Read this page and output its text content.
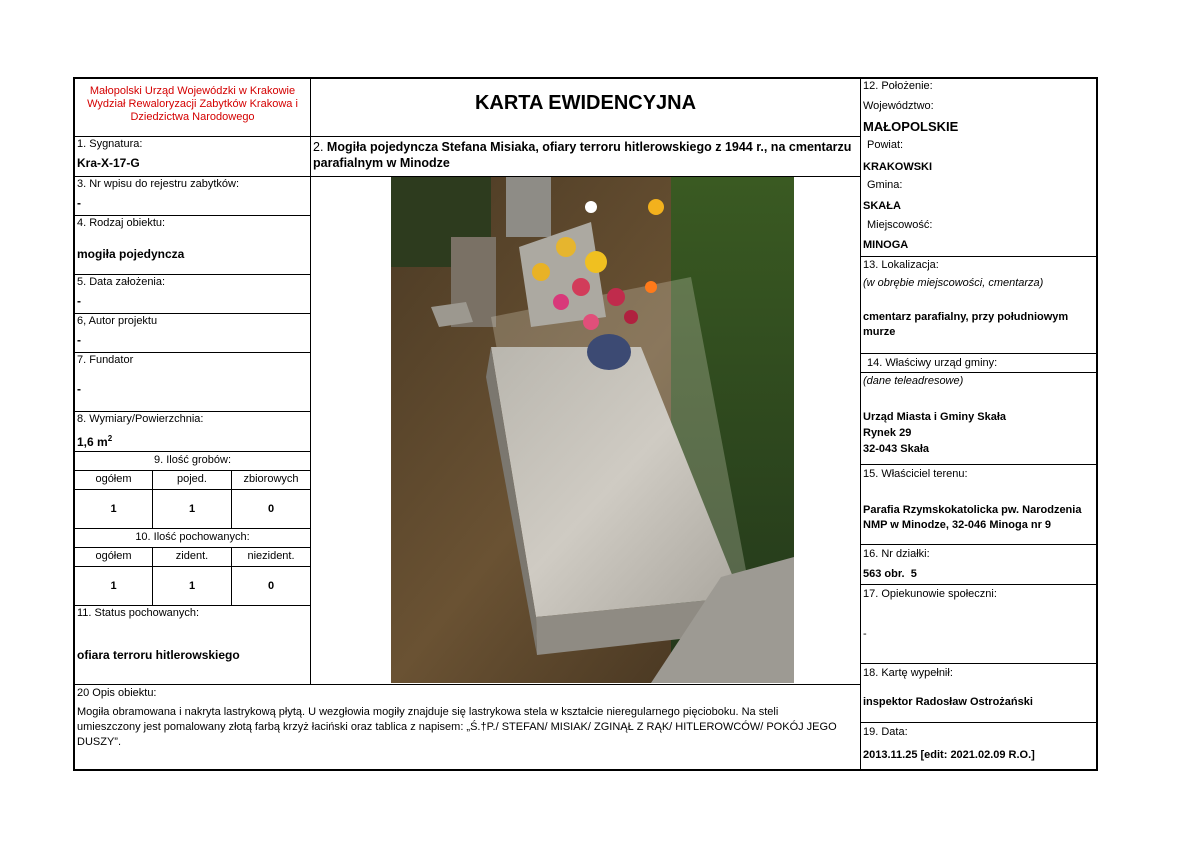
Małopolski Urząd Wojewódzki w Krakowie
Wydział Rewaloryzacji Zabytków Krakowa i
Dziedzictwa Narodowego
1. Sygnatura:
Kra-X-17-G
3. Nr wpisu do rejestru zabytków:
-
4. Rodzaj obiektu:
mogiła pojedyncza
5. Data założenia:
-
6, Autor projektu
-
7. Fundator
-
8. Wymiary/Powierzchnia:
1,6 $m^2$
9. Ilość grobów:
ogółem	pojed.	zbiorowych
1	1	0
10. Ilość pochowanych:
ogółem	zident.	niezident.
1	1	0
11. Status pochowanych:
ofiara terroru hitlerowskiego
KARTA EWIDENCYJNA
2. Mogiła pojedyncza Stefana Misiaka, ofiary terroru hitlerowskiego z 1944 r., na cmentarzu parafialnym w Minodze
12. Położenie:
Województwo:
MAŁOPOLSKIE
Powiat:
KRAKOWSKI
Gmina:
SKAŁA
Miejscowość:
MINOGA
13. Lokalizacja:
(w obrębie miejscowości, cmentarza)
cmentarz parafialny, przy południowym murze
14. Właściwy urząd gminy:
(dane teleadresowe)
Urząd Miasta i Gminy Skała
Rynek 29
32-043 Skała
15. Właściciel terenu:
Parafia Rzymskokatolicka pw. Narodzenia NMP w Minodze, 32-046 Minoga nr 9
16. Nr działki:
563 obr.  5
17. Opiekunowie społeczni:
-
18. Kartę wypełnił:
inspektor Radosław Ostrożański
19. Data:
2013.11.25 [edit: 2021.02.09 R.O.]
20 Opis obiektu:
Mogiła obramowana i nakryta lastrykową płytą. U wezgłowia mogiły znajduje się lastrykowa stela w kształcie nieregularnego pięcioboku. Na steli umieszczony jest pomalowany złotą farbą krzyż łaciński oraz tablica z napisem: „Ś.†P./ STEFAN/ MISIAK/ ZGINĄŁ Z RĄK/ HITLEROWCÓW/ POKÓJ JEGO DUSZY”.
